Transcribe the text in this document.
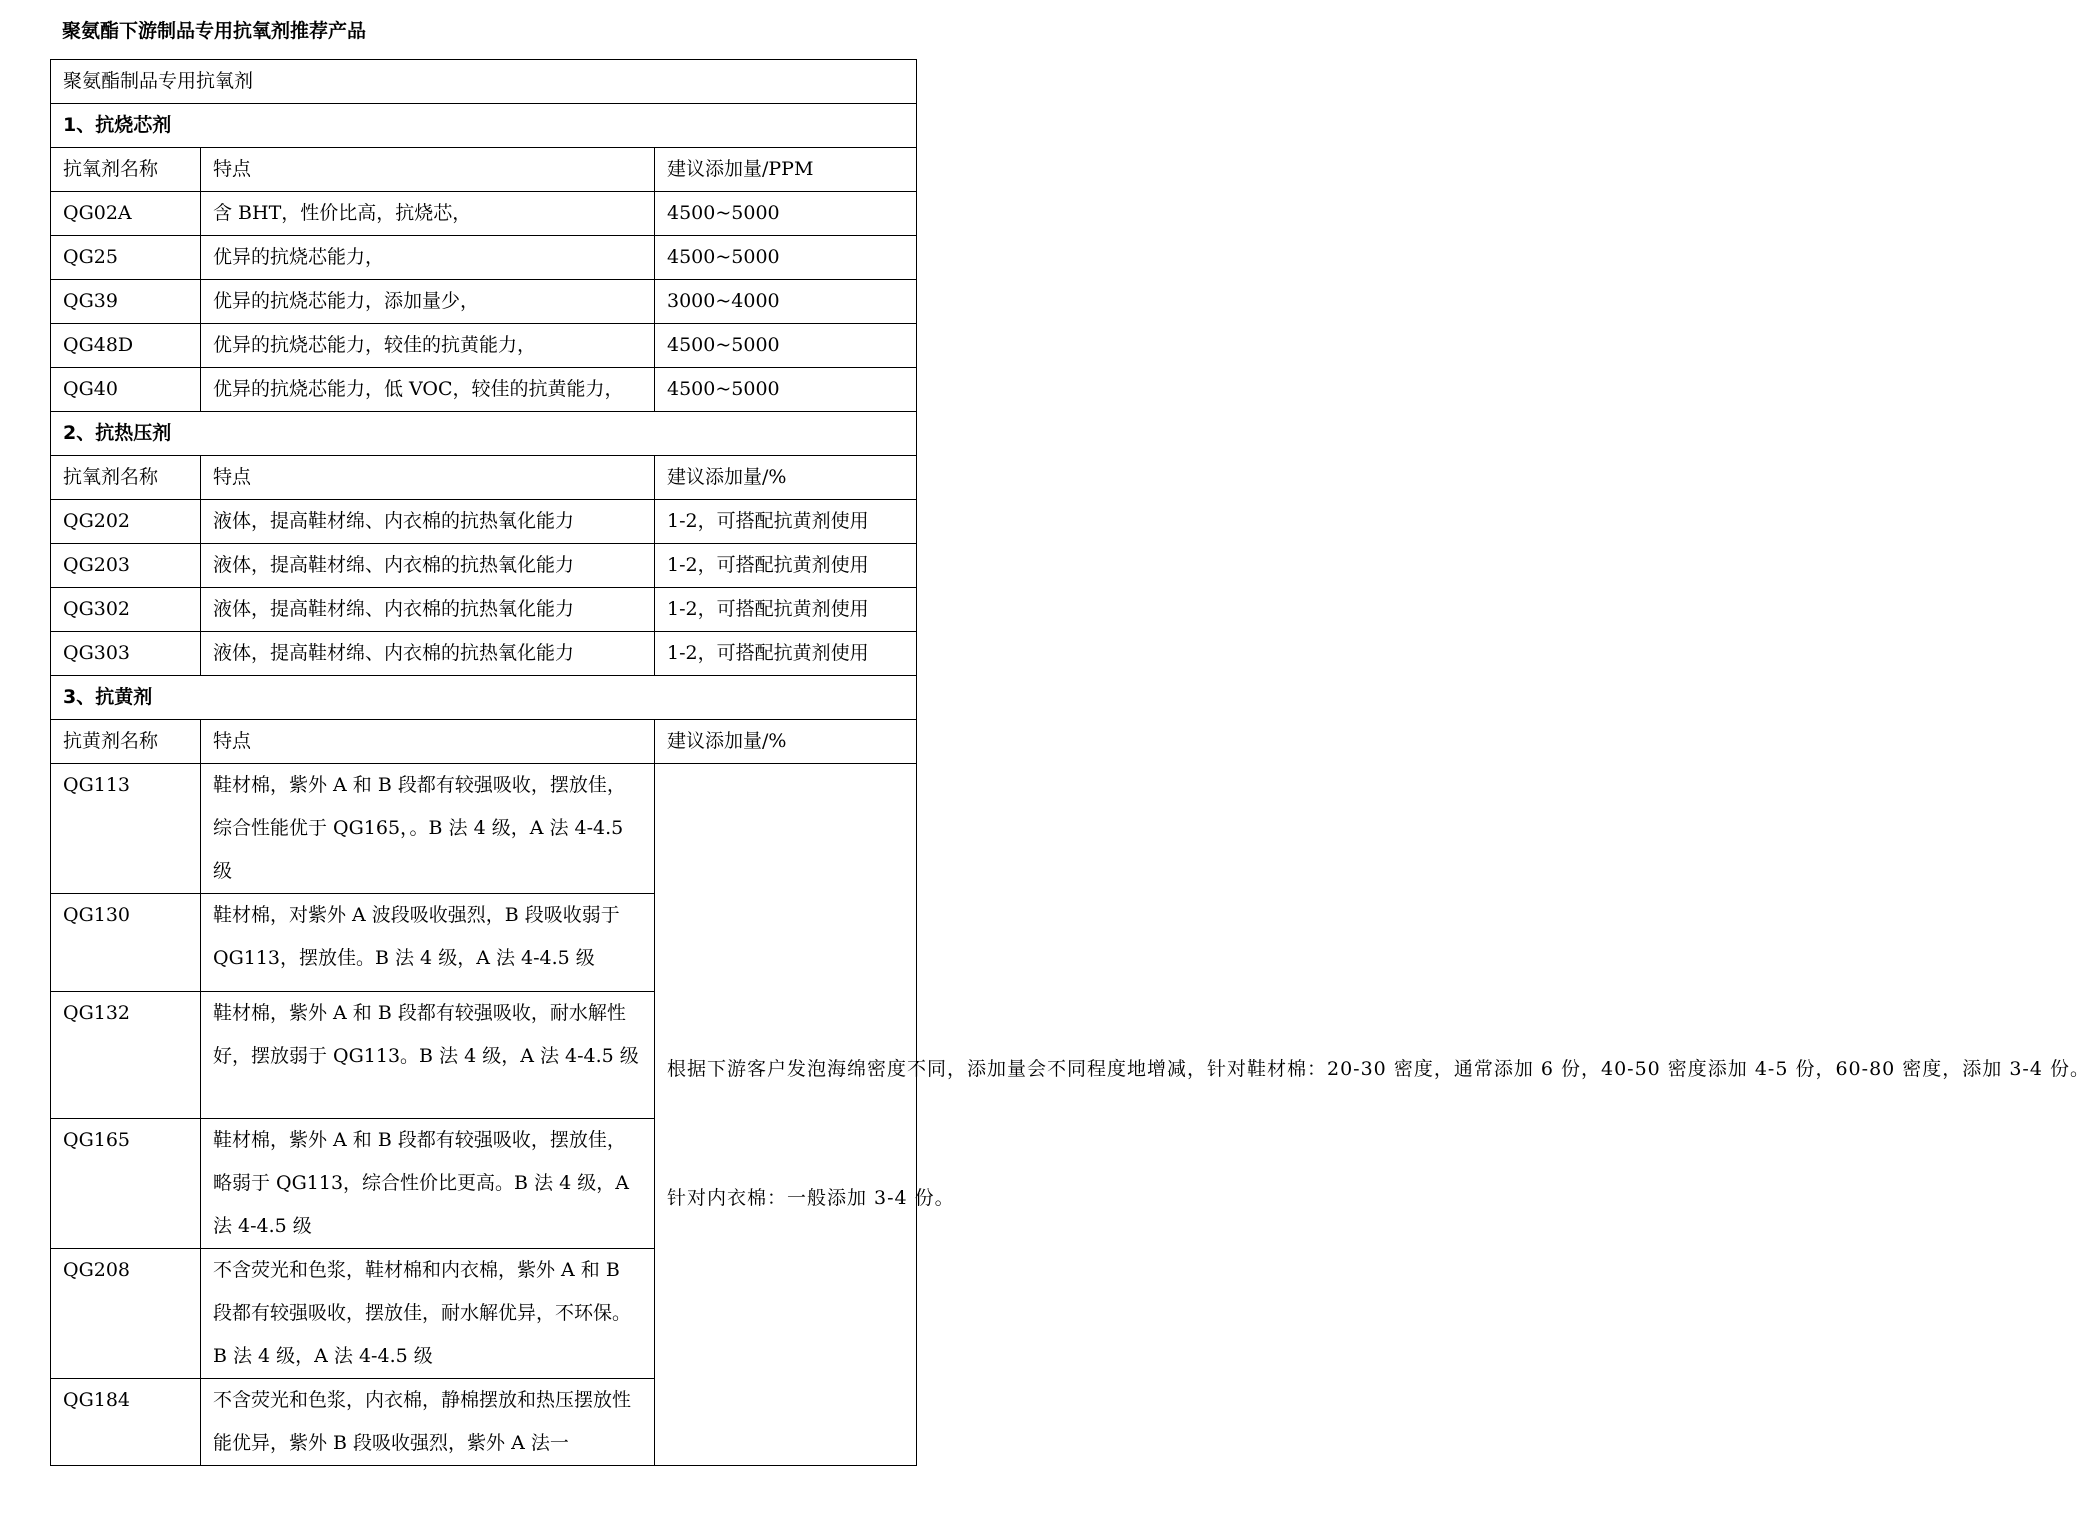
聚氨酯下游制品专用抗氧剂推荐产品
聚氨酯制品专用抗氧剂		
1、抗烧芯剂		
抗氧剂名称	特点	建议添加量/PPM
QG02A	含 BHT，性价比高，抗烧芯，	4500~5000
QG25	优异的抗烧芯能力，	4500~5000
QG39	优异的抗烧芯能力，添加量少，	3000~4000
QG48D	优异的抗烧芯能力，较佳的抗黄能力，	4500~5000
QG40	优异的抗烧芯能力，低 VOC，较佳的抗黄能力，	4500~5000
2、抗热压剂		
抗氧剂名称	特点	建议添加量/%
QG202	液体，提高鞋材绵、内衣棉的抗热氧化能力	1-2，可搭配抗黄剂使用
QG203	液体，提高鞋材绵、内衣棉的抗热氧化能力	1-2，可搭配抗黄剂使用
QG302	液体，提高鞋材绵、内衣棉的抗热氧化能力	1-2，可搭配抗黄剂使用
QG303	液体，提高鞋材绵、内衣棉的抗热氧化能力	1-2，可搭配抗黄剂使用
3、抗黄剂		
抗黄剂名称	特点	建议添加量/%
QG113	鞋材棉，紫外 A 和 B 段都有较强吸收，摆放佳，综合性能优于 QG165，。B 法 4 级，A 法 4-4.5 级	根据下游客户发泡海绵密度不同，添加量会不同程度地增减，针对鞋材棉：20-30 密度，通常添加 6 份，40-50 密度添加 4-5 份，60-80 密度，添加 3-4 份。
针对内衣棉：一般添加 3-4 份。

QG130	鞋材棉，对紫外 A 波段吸收强烈，B 段吸收弱于 QG113，摆放佳。B 法 4 级，A 法 4-4.5 级	
QG132	鞋材棉，紫外 A 和 B 段都有较强吸收，耐水解性好，摆放弱于 QG113。B 法 4 级，A 法 4-4.5 级	
QG165	鞋材棉，紫外 A 和 B 段都有较强吸收，摆放佳，略弱于 QG113，综合性价比更高。B 法 4 级，A 法 4-4.5 级	
QG208	不含荧光和色浆，鞋材棉和内衣棉，紫外 A 和 B 段都有较强吸收，摆放佳，耐水解优异，不环保。B 法 4 级，A 法 4-4.5 级	
QG184	不含荧光和色浆，内衣棉，静棉摆放和热压摆放性能优异，紫外 B 段吸收强烈，紫外 A 法一	
